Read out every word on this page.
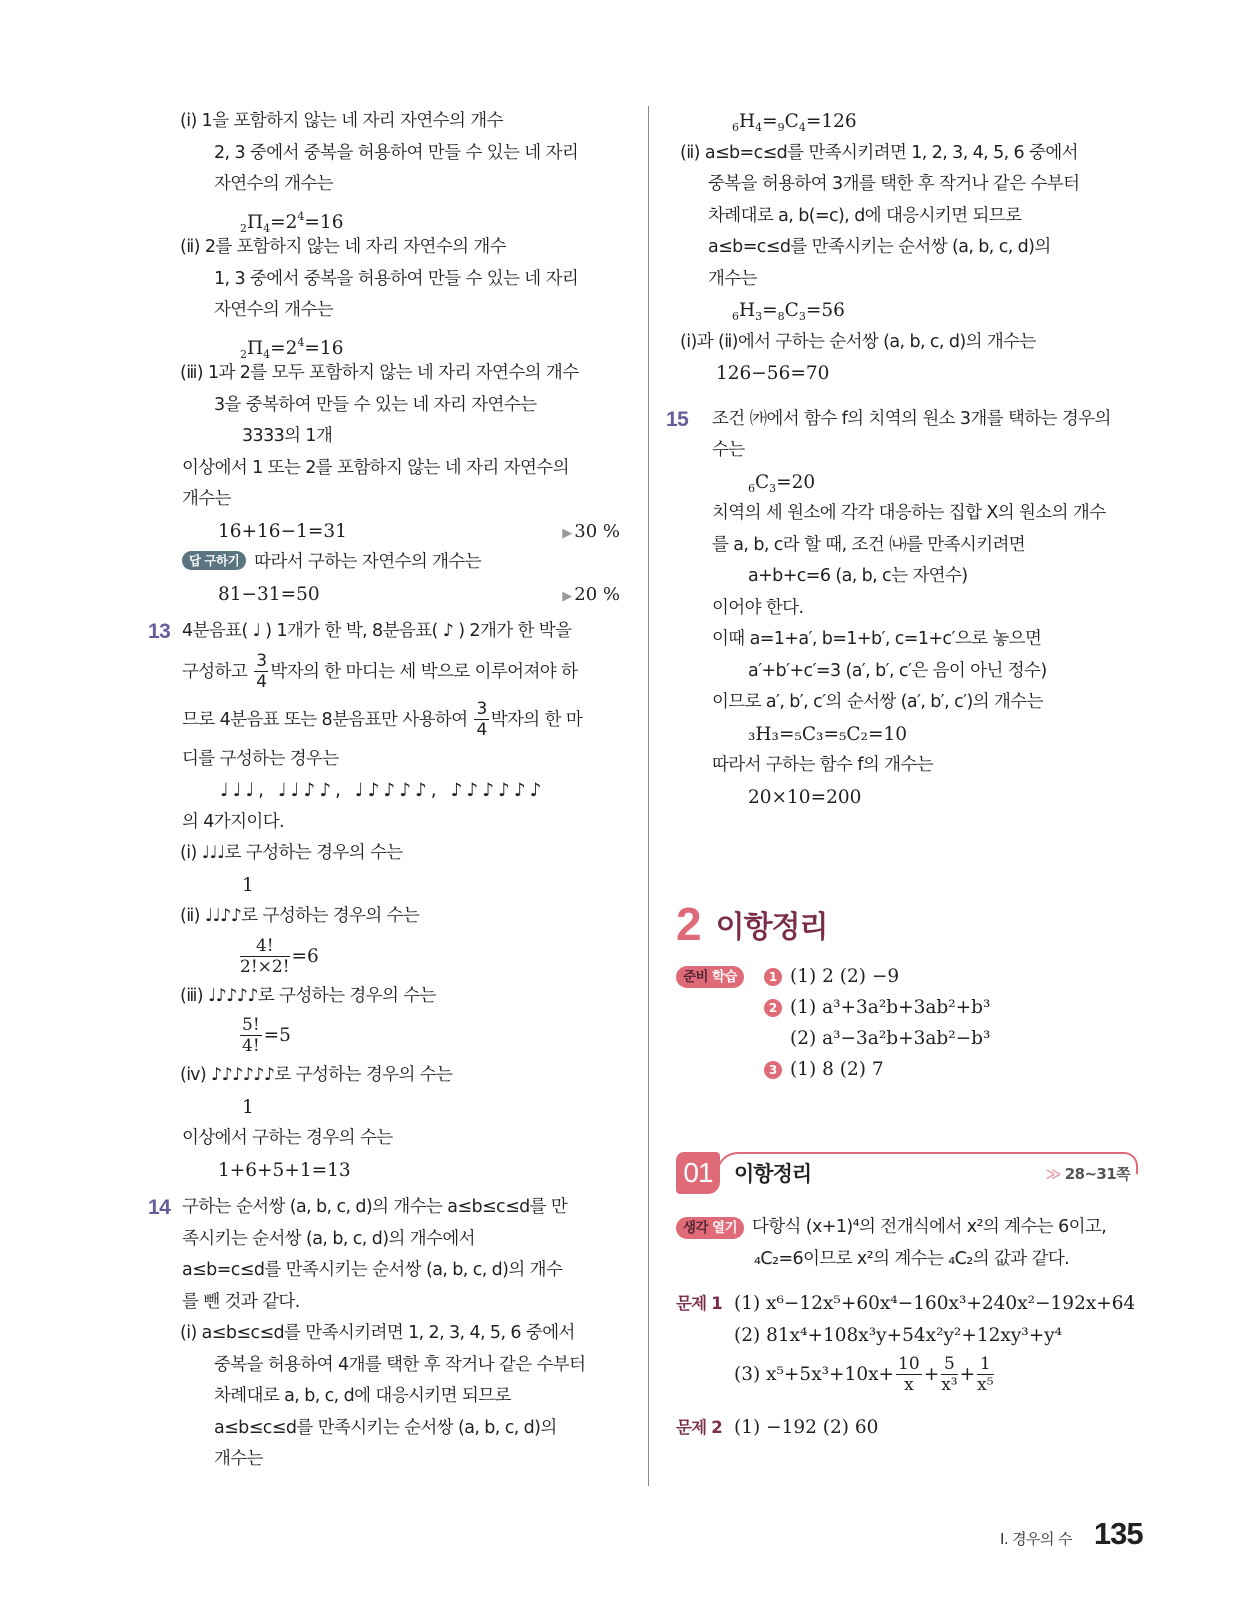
(ⅰ) 1을 포함하지 않는 네 자리 자연수의 개수
2, 3 중에서 중복을 허용하여 만들 수 있는 네 자리
자연수의 개수는
$_2\Pi_4=2^4=16$
(ⅱ) 2를 포함하지 않는 네 자리 자연수의 개수
1, 3 중에서 중복을 허용하여 만들 수 있는 네 자리
자연수의 개수는
$_2\Pi_4=2^4=16$
(ⅲ) 1과 2를 모두 포함하지 않는 네 자리 자연수의 개수
3을 중복하여 만들 수 있는 네 자리 자연수는
3333의 1개
이상에서 1 또는 2를 포함하지 않는 네 자리 자연수의
개수는
16+16−1=31	▶ 30 %
답 구하기 따라서 구하는 자연수의 개수는
81−31=50	▶ 20 %
13 4분음표( ♩ ) 1개가 한 박, 8분음표( ♪ ) 2개가 한 박을
구성하고 $\frac{3}{4}$ 박자의 한 마디는 세 박으로 이루어져야 하
므로 4분음표 또는 8분음표만 사용하여 $\frac{3}{4}$ 박자의 한 마
디를 구성하는 경우는
♩♩♩, ♩♩♪♪, ♩♪♪♪♪, ♪♪♪♪♪♪
의 4가지이다.
(ⅰ) ♩♩♩로 구성하는 경우의 수는
1
(ⅱ) ♩♩♪♪로 구성하는 경우의 수는
$\frac{4!}{2!\times 2!} =6$
(ⅲ) ♩♪♪♪♪로 구성하는 경우의 수는
$\frac{5!}{4!} =5$
(ⅳ) ♪♪♪♪♪♪로 구성하는 경우의 수는
1
이상에서 구하는 경우의 수는
1+6+5+1=13
14 구하는 순서쌍 (a, b, c, d)의 개수는 a≤b≤c≤d를 만
족시키는 순서쌍 (a, b, c, d)의 개수에서
a≤b=c≤d를 만족시키는 순서쌍 (a, b, c, d)의 개수
를 뺀 것과 같다.
(ⅰ) a≤b≤c≤d를 만족시키려면 1, 2, 3, 4, 5, 6 중에서
중복을 허용하여 4개를 택한 후 작거나 같은 수부터
차례대로 a, b, c, d에 대응시키면 되므로
a≤b≤c≤d를 만족시키는 순서쌍 (a, b, c, d)의
개수는
$_6H_4=_9C_4=126$
(ⅱ) a≤b=c≤d를 만족시키려면 1, 2, 3, 4, 5, 6 중에서
중복을 허용하여 3개를 택한 후 작거나 같은 수부터
차례대로 a, b(=c), d에 대응시키면 되므로
a≤b=c≤d를 만족시키는 순서쌍 (a, b, c, d)의
개수는
$_6H_3=_8C_3=56$
(ⅰ)과 (ⅱ)에서 구하는 순서쌍 (a, b, c, d)의 개수는
126−56=70
15 조건 ㈎에서 함수 f의 치역의 원소 3개를 택하는 경우의
수는
$_6C_3=20$
치역의 세 원소에 각각 대응하는 집합 X의 원소의 개수
를 a, b, c라 할 때, 조건 ㈏를 만족시키려면
a+b+c=6 (a, b, c는 자연수)
이어야 한다.
이때 a=1+a′, b=1+b′, c=1+c′으로 놓으면
a′+b′+c′=3 (a′, b′, c′은 음이 아닌 정수)
이므로 a′, b′, c′의 순서쌍 (a′, b′, c′)의 개수는
₃H₃=₅C₃=₅C₂=10
따라서 구하는 함수 f의 개수는
20×10=200
2 이항정리
준비 학습	1 (1) 2 (2) −9
2 (1) a³+3a²b+3ab²+b³
(2) a³−3a²b+3ab²−b³
3 (1) 8 (2) 7
01	이항정리	≫ 28~31쪽
생각 열기 다항식 (x+1)⁴의 전개식에서 x²의 계수는 6이고,
₄C₂=6이므로 x²의 계수는 ₄C₂의 값과 같다.
문제 1 (1) x⁶−12x⁵+60x⁴−160x³+240x²−192x+64
(2) 81x⁴+108x³y+54x²y²+12xy³+y⁴
(3) $x^5+5x^3+10x+ \frac{10}{x} + \frac{5}{\text{x³}} + \frac{1}{\text{x⁵}}$
문제 2 (1) −192 (2) 60
Ⅰ. 경우의 수 135
